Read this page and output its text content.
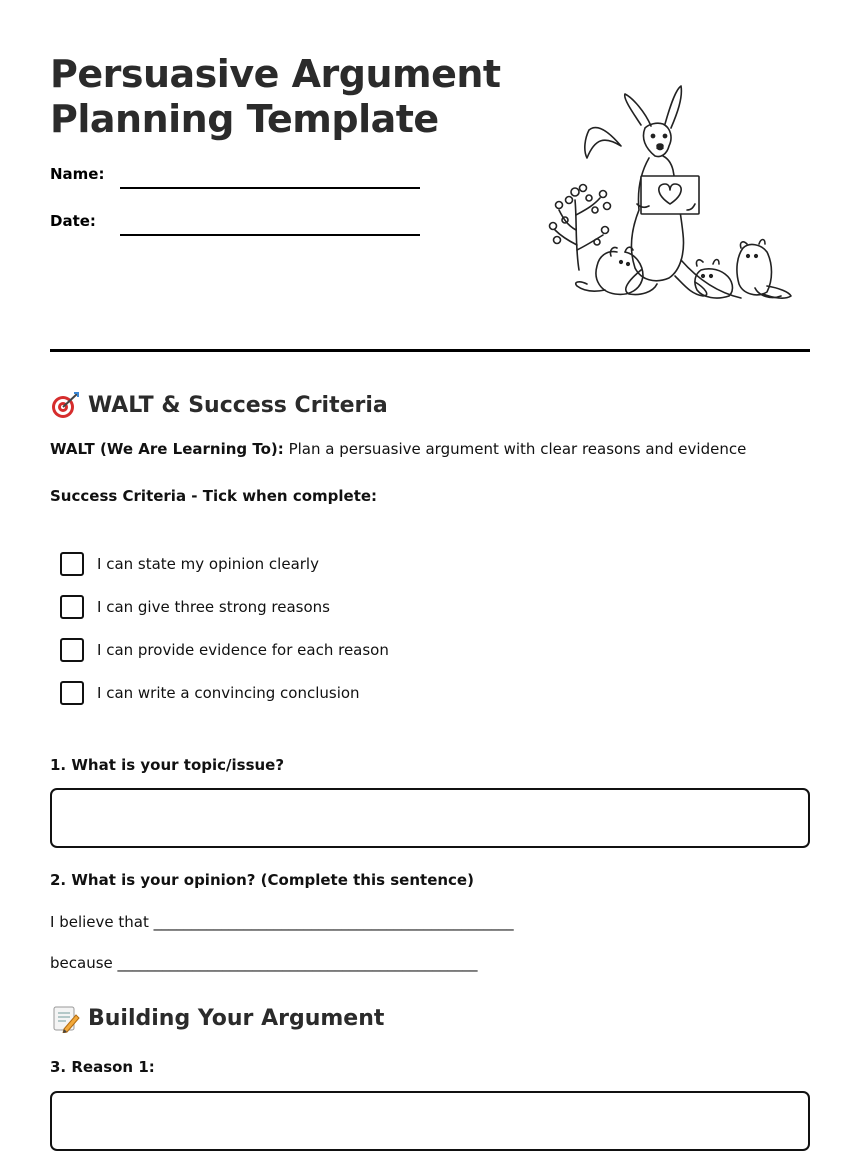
Persuasive Argument
Planning Template
Name:
Date:
WALT & Success Criteria
WALT (We Are Learning To): Plan a persuasive argument with clear reasons and evidence
Success Criteria - Tick when complete:
I can state my opinion clearly
I can give three strong reasons
I can provide evidence for each reason
I can write a convincing conclusion
1. What is your topic/issue?
2. What is your opinion? (Complete this sentence)
I believe that ________________________________________________
because ________________________________________________
Building Your Argument
3. Reason 1:
